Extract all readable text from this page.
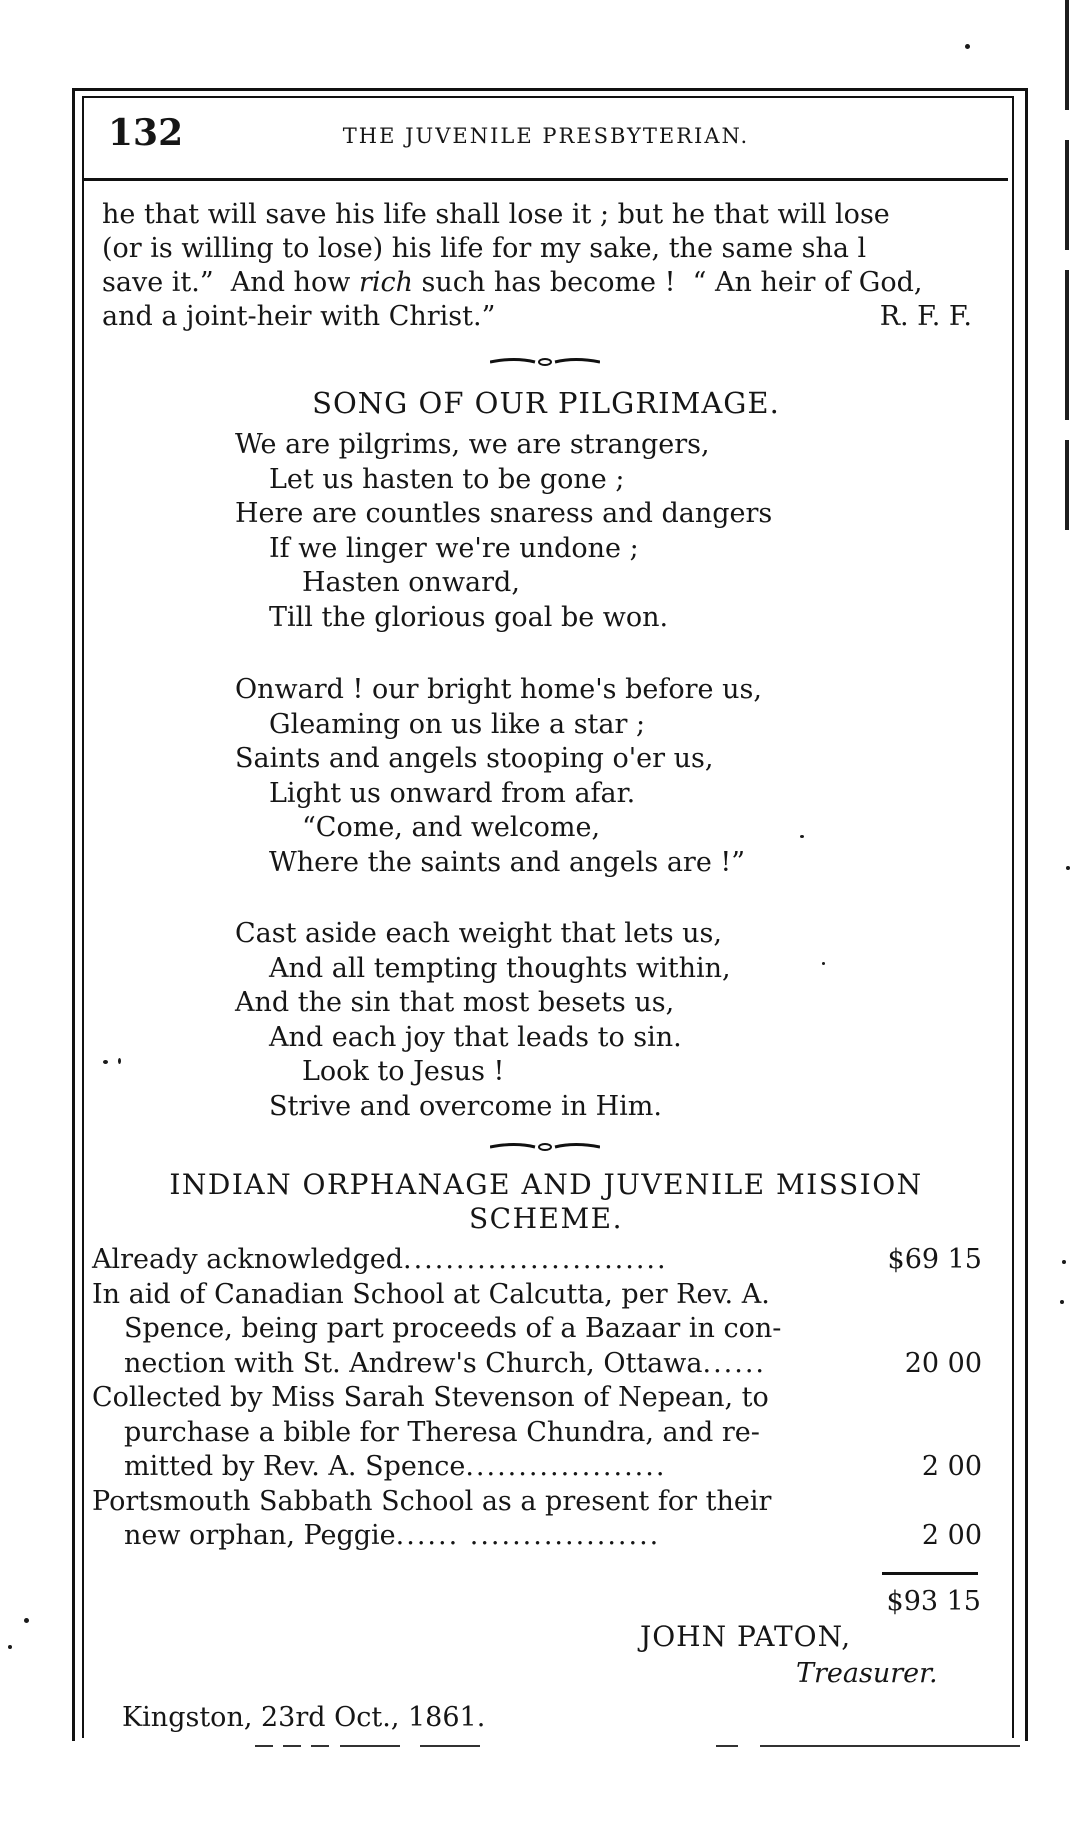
132	THE JUVENILE PRESBYTERIAN.
he that will save his life shall lose it ; but he that will lose
(or is willing to lose) his life for my sake, the same sha l
save it.”  And how rich such has become !  “ An heir of God,
and a joint-heir with Christ.”	R. F. F.
SONG OF OUR PILGRIMAGE.
We are pilgrims, we are strangers,
Let us hasten to be gone ;
Here are countles snaress and dangers
If we linger we're undone ;
Hasten onward,
Till the glorious goal be won.
Onward ! our bright home's before us,
Gleaming on us like a star ;
Saints and angels stooping o'er us,
Light us onward from afar.
“Come, and welcome,
Where the saints and angels are !”
Cast aside each weight that lets us,
And all tempting thoughts within,
And the sin that most besets us,
And each joy that leads to sin.
Look to Jesus !
Strive and overcome in Him.
INDIAN ORPHANAGE AND JUVENILE MISSION
SCHEME.
Already acknowledged.........................	$69 15
In aid of Canadian School at Calcutta, per Rev. A.
Spence, being part proceeds of a Bazaar in con-
nection with St. Andrew's Church, Ottawa......	20 00
Collected by Miss Sarah Stevenson of Nepean, to
purchase a bible for Theresa Chundra, and re-
mitted by Rev. A. Spence...................	2 00
Portsmouth Sabbath School as a present for their
new orphan, Peggie...... ..................	2 00
$93 15
JOHN PATON,
Treasurer.
Kingston, 23rd Oct., 1861.
